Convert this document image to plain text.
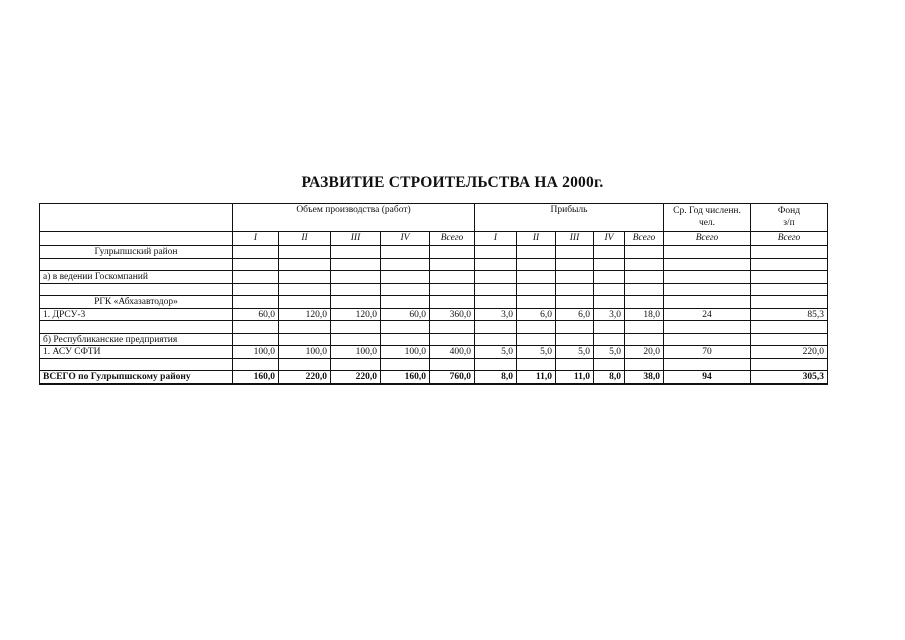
РАЗВИТИЕ СТРОИТЕЛЬСТВА НА 2000г.
	Объем производства (работ)					Прибыль					Ср. Год численн. чел.	Фонд з/п
	I	II	III	IV	Всего	I	II	III	IV	Всего	Всего	Всего
Гулрыпшский район												

а) в ведении Госкомпаний												

РГК «Абхазавтодор»												
1. ДРСУ-3	60,0	120,0	120,0	60,0	360,0	3,0	6,0	6,0	3,0	18,0	24	85,3

б) Республиканские предприятия												
1. АСУ СФТИ	100,0	100,0	100,0	100,0	400,0	5,0	5,0	5,0	5,0	20,0	70	220,0

ВСЕГО по Гулрыпшскому району	160,0	220,0	220,0	160,0	760,0	8,0	11,0	11,0	8,0	38,0	94	305,3
